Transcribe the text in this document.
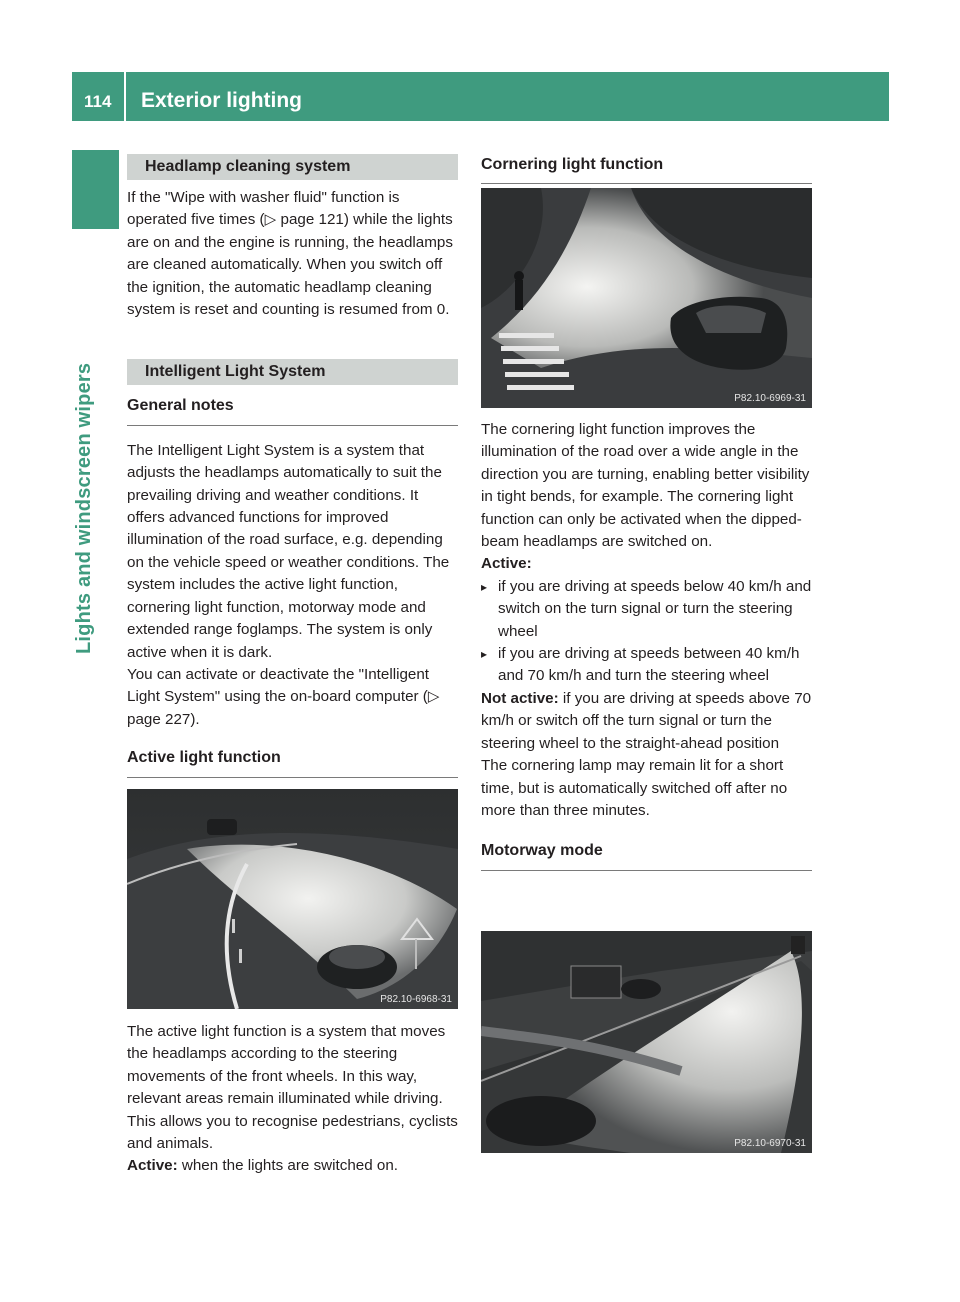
114 Exterior lighting
Lights and windscreen wipers
Headlamp cleaning system

If the "Wipe with washer fluid" function is operated five times (▷ page 121) while the lights are on and the engine is running, the headlamps are cleaned automatically. When you switch off the ignition, the automatic headlamp cleaning system is reset and counting is resumed from 0.

Intelligent Light System
General notes

The Intelligent Light System is a system that adjusts the headlamps automatically to suit the prevailing driving and weather conditions. It offers advanced functions for improved illumination of the road surface, e.g. depending on the vehicle speed or weather conditions. The system includes the active light function, cornering light function, motorway mode and extended range foglamps. The system is only active when it is dark.

You can activate or deactivate the "Intelligent Light System" using the on-board computer (▷ page 227).

Active light function
P82.10-6968-31

The active light function is a system that moves the headlamps according to the steering movements of the front wheels. In this way, relevant areas remain illuminated while driving. This allows you to recognise pedestrians, cyclists and animals.

Active: when the lights are switched on.

Cornering light function
P82.10-6969-31

The cornering light function improves the illumination of the road over a wide angle in the direction you are turning, enabling better visibility in tight bends, for example. The cornering light function can only be activated when the dipped-beam headlamps are switched on.

Active:

▸ if you are driving at speeds below 40 km/h and switch on the turn signal or turn the steering wheel
▸ if you are driving at speeds between 40 km/h and 70 km/h and turn the steering wheel

Not active: if you are driving at speeds above 70 km/h or switch off the turn signal or turn the steering wheel to the straight-ahead position

The cornering lamp may remain lit for a short time, but is automatically switched off after no more than three minutes.

Motorway mode
P82.10-6970-31
